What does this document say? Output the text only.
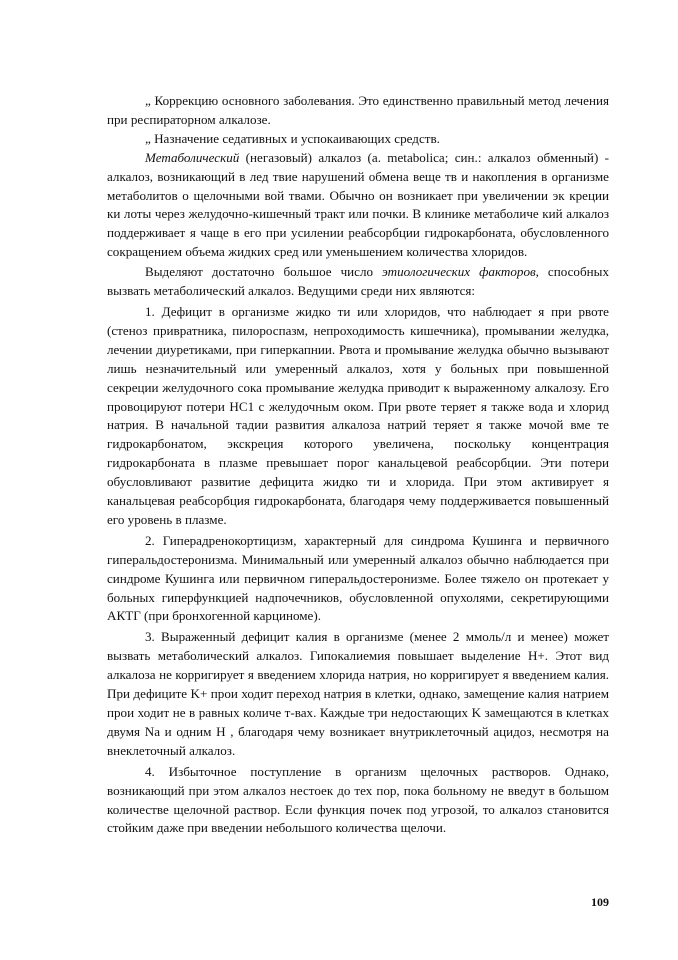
„ Коррекцию основного заболевания. Это единственно правильный метод лечения при респираторном алкалозе.

„ Назначение седативных и успокаивающих средств.

Метаболический (негазовый) алкалоз (a. metabolica; син.: алкалоз обменный) - алкалоз, возникающий в лед твие нарушений обмена веще тв и накопления в организме метаболитов о щелочными вой твами. Обычно он возникает при увеличении эк креции ки лоты через желудочно-кишечный тракт или почки. В клинике метаболиче кий алкалоз поддерживает я чаще в его при усилении реабсорбции гидрокарбоната, обусловленного сокращением объема жидких сред или уменьшением количества хлоридов.

Выделяют достаточно большое число этиологических факторов, способных вызвать метаболический алкалоз. Ведущими среди них являются:

1. Дефицит в организме жидко ти или хлоридов, что наблюдает я при рвоте (стеноз привратника, пилороспазм, непроходимость кишечника), промывании желудка, лечении диуретиками, при гиперкапнии. Рвота и промывание желудка обычно вызывают лишь незначительный или умеренный алкалоз, хотя у больных при повышенной секреции желудочного сока промывание желудка приводит к выраженному алкалозу. Его провоцируют потери HC1 с желудочным оком. При рвоте теряет я также вода и хлорид натрия. В начальной тадии развития алкалоза натрий теряет я также мочой вме те гидрокарбонатом, экскреция которого увеличена, поскольку концентрация гидрокарбоната в плазме превышает порог канальцевой реабсорбции. Эти потери обусловливают развитие дефицита жидко ти и хлорида. При этом активирует я канальцевая реабсорбция гидрокарбоната, благодаря чему поддерживается повышенный его уровень в плазме.

2. Гиперадренокортицизм, характерный для синдрома Кушинга и первичного гиперальдостеронизма. Минимальный или умеренный алкалоз обычно наблюдается при синдроме Кушинга или первичном гиперальдостеронизме. Более тяжело он протекает у больных гиперфункцией надпочечников, обусловленной опухолями, секретирующими АКТГ (при бронхогенной карциноме).

3. Выраженный дефицит калия в организме (менее 2 ммоль/л и менее) может вызвать метаболический алкалоз. Гипокалиемия повышает выделение H+. Этот вид алкалоза не корригирует я введением хлорида натрия, но корригирует я введением калия. При дефиците K+ прои ходит переход натрия в клетки, однако, замещение калия натрием прои ходит не в равных количе т-вах. Каждые три недостающих K замещаются в клетках двумя Na и одним H , благодаря чему возникает внутриклеточный ацидоз, несмотря на внеклеточный алкалоз.

4. Избыточное поступление в организм щелочных растворов. Однако, возникающий при этом алкалоз нестоек до тех пор, пока больному не введут в большом количестве щелочной раствор. Если функция почек под угрозой, то алкалоз становится стойким даже при введении небольшого количества щелочи.

109
